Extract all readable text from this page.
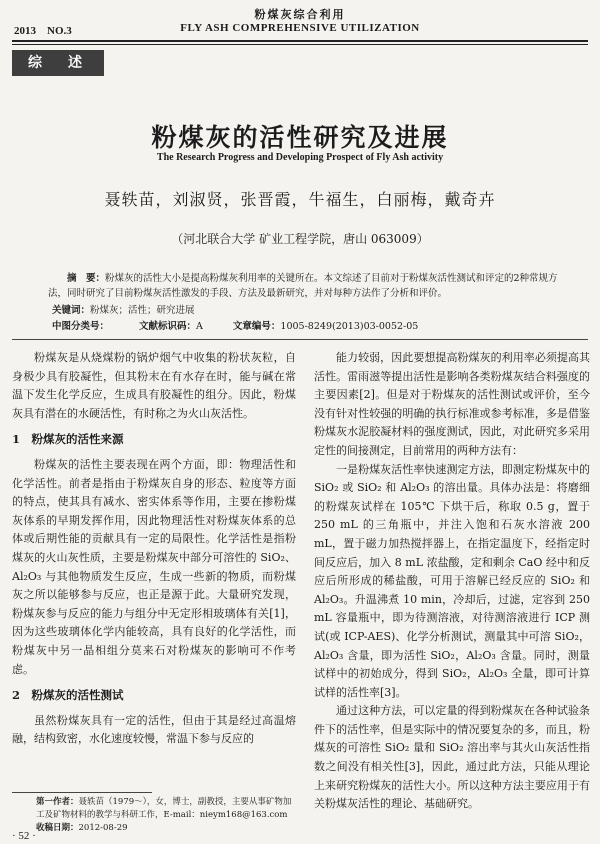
粉煤灰综合利用
2013　NO.3	FLY ASH COMPREHENSIVE UTILIZATION
综　述
粉煤灰的活性研究及进展
The Research Progress and Developing Prospect of Fly Ash activity
聂轶苗，刘淑贤，张晋霞，牛福生，白丽梅，戴奇卉
（河北联合大学 矿业工程学院，唐山 063009）

摘　要：粉煤灰的活性大小是提高粉煤灰利用率的关键所在。本文综述了目前对于粉煤灰活性测试和评定的2种常规方法，同时研究了目前粉煤灰活性激发的手段、方法及最新研究，并对每种方法作了分析和评价。

关键词：粉煤灰；活性；研究进展
中图分类号：	文献标识码：A	文章编号：1005-8249(2013)03-0052-05

粉煤灰是从烧煤粉的锅炉烟气中收集的粉状灰粒，自身极少具有胶凝性，但其粉末在有水存在时，能与碱在常温下发生化学反应，生成具有胶凝性的组分。因此，粉煤灰具有潜在的水硬活性，有时称之为火山灰活性。

1　粉煤灰的活性来源

粉煤灰的活性主要表现在两个方面，即：物理活性和化学活性。前者是指由于粉煤灰自身的形态、粒度等方面的特点，使其具有减水、密实体系等作用，主要在掺粉煤灰体系的早期发挥作用，因此物理活性对粉煤灰体系的总体或后期性能的贡献具有一定的局限性。化学活性是指粉煤灰的火山灰性质，主要是粉煤灰中部分可溶性的 SiO₂、Al₂O₃ 与其他物质发生反应，生成一些新的物质，而粉煤灰之所以能够参与反应，也正是源于此。大量研究发现，粉煤灰参与反应的能力与组分中无定形相玻璃体有关[1]，因为这些玻璃体化学内能较高，具有良好的化学活性，而粉煤灰中另一晶相组分莫来石对粉煤灰的影响可不作考虑。

2　粉煤灰的活性测试

虽然粉煤灰具有一定的活性，但由于其是经过高温熔融，结构致密，水化速度较慢，常温下参与反应的

能力较弱，因此要想提高粉煤灰的利用率必须提高其活性。雷雨滋等提出活性是影响各类粉煤灰结合料强度的主要因素[2]。但是对于粉煤灰的活性测试或评价，至今没有针对性较强的明确的执行标准或参考标准，多是借鉴粉煤灰水泥胶凝材料的强度测试，因此，对此研究多采用定性的间接测定，目前常用的两种方法有：

一是粉煤灰活性率快速测定方法，即测定粉煤灰中的 SiO₂ 或 SiO₂ 和 Al₂O₃ 的溶出量。具体办法是：将磨细的粉煤灰试样在 105℃ 下烘干后，称取 0.5 g，置于 250 mL 的三角瓶中，并注入饱和石灰水溶液 200 mL，置于磁力加热搅拌器上，在指定温度下，经指定时间反应后，加入 8 mL 浓盐酸，定和剩余 CaO 经中和反应后所形成的稀盐酸，可用于溶解已经反应的 SiO₂ 和 Al₂O₃。升温沸煮 10 min，冷却后，过滤，定容到 250 mL 容量瓶中，即为待测溶液，对待测溶液进行 ICP 测试(或 ICP-AES)、化学分析测试，测量其中可溶 SiO₂，Al₂O₃ 含量，即为活性 SiO₂，Al₂O₃ 含量。同时，测量试样中的初始成分，得到 SiO₂，Al₂O₃ 全量，即可计算试样的活性率[3]。

通过这种方法，可以定量的得到粉煤灰在各种试验条件下的活性率，但是实际中的情况要复杂的多，而且，粉煤灰的可溶性 SiO₂ 量和 SiO₂ 溶出率与其火山灰活性指数之间没有相关性[3]，因此，通过此方法，只能从理论上来研究粉煤灰的活性大小。所以这种方法主要应用于有关粉煤灰活性的理论、基础研究。

第一作者：聂轶苗（1979～），女，博士，副教授，主要从事矿物加工及矿物材料的教学与科研工作，E-mail：nieym168@163.com
收稿日期：2012-08-29
· 52 ·
